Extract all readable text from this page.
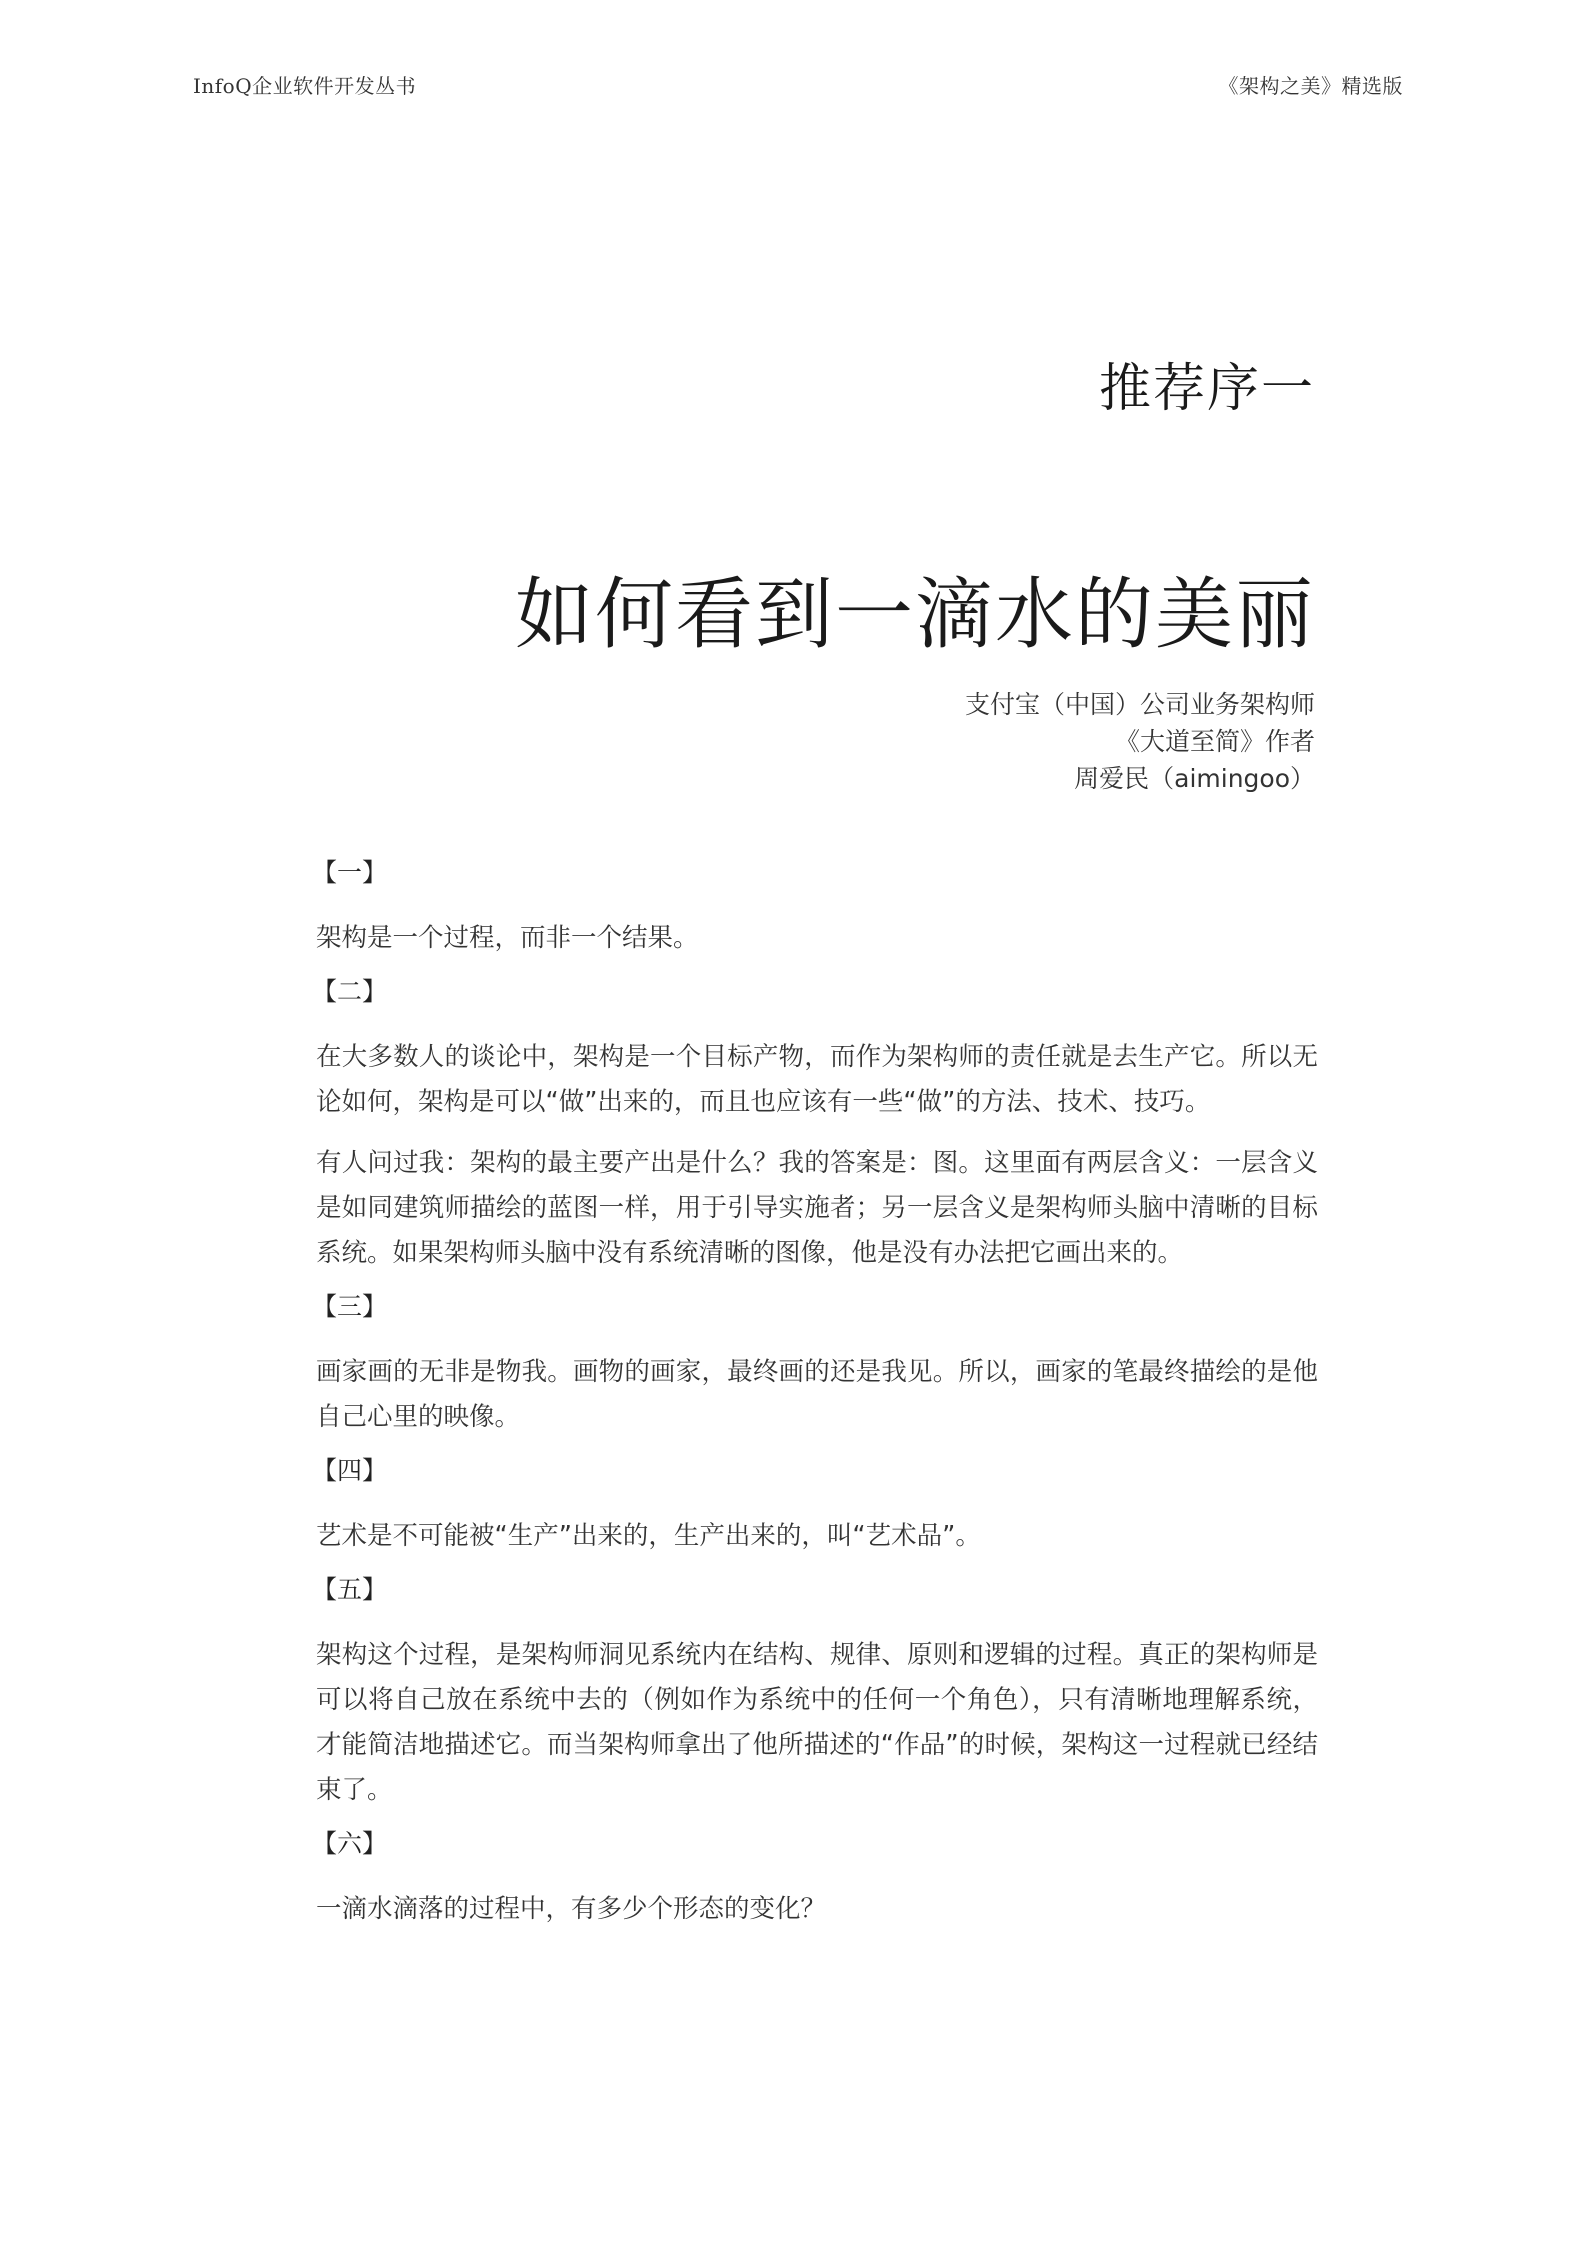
InfoQ企业软件开发丛书	《架构之美》精选版
推荐序一
如何看到一滴水的美丽
支付宝（中国）公司业务架构师
《大道至简》作者
周爱民（aimingoo）
【一】

架构是一个过程，而非一个结果。

【二】

在大多数人的谈论中，架构是一个目标产物，而作为架构师的责任就是去生产它。所以无论如何，架构是可以“做”出来的，而且也应该有一些“做”的方法、技术、技巧。

有人问过我：架构的最主要产出是什么？我的答案是：图。这里面有两层含义：一层含义是如同建筑师描绘的蓝图一样，用于引导实施者；另一层含义是架构师头脑中清晰的目标系统。如果架构师头脑中没有系统清晰的图像，他是没有办法把它画出来的。

【三】

画家画的无非是物我。画物的画家，最终画的还是我见。所以，画家的笔最终描绘的是他自己心里的映像。

【四】

艺术是不可能被“生产”出来的，生产出来的，叫“艺术品”。

【五】

架构这个过程，是架构师洞见系统内在结构、规律、原则和逻辑的过程。真正的架构师是可以将自己放在系统中去的（例如作为系统中的任何一个角色），只有清晰地理解系统，才能简洁地描述它。而当架构师拿出了他所描述的“作品”的时候，架构这一过程就已经结束了。

【六】

一滴水滴落的过程中，有多少个形态的变化？
